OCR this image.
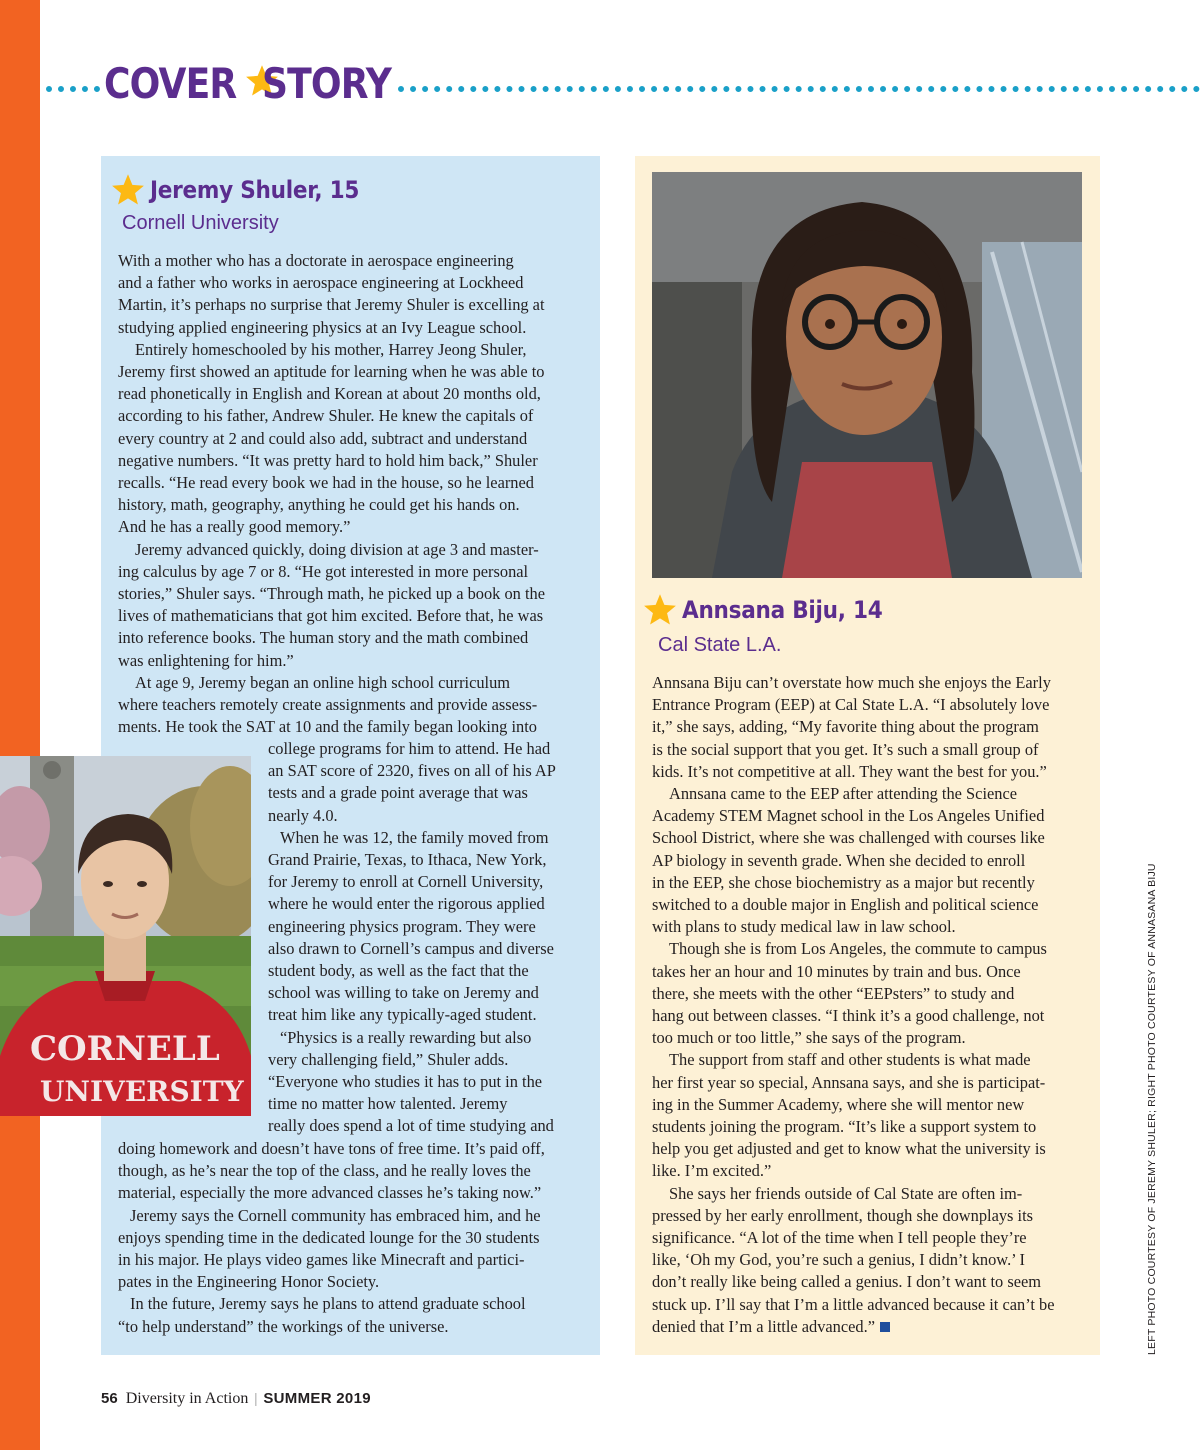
COVER STORY
Jeremy Shuler, 15
Cornell University
With a mother who has a doctorate in aerospace engineering
and a father who works in aerospace engineering at Lockheed
Martin, it’s perhaps no surprise that Jeremy Shuler is excelling at
studying applied engineering physics at an Ivy League school.
Entirely homeschooled by his mother, Harrey Jeong Shuler,
Jeremy first showed an aptitude for learning when he was able to
read phonetically in English and Korean at about 20 months old,
according to his father, Andrew Shuler. He knew the capitals of
every country at 2 and could also add, subtract and understand
negative numbers. “It was pretty hard to hold him back,” Shuler
recalls. “He read every book we had in the house, so he learned
history, math, geography, anything he could get his hands on.
And he has a really good memory.”
Jeremy advanced quickly, doing division at age 3 and master-
ing calculus by age 7 or 8. “He got interested in more personal
stories,” Shuler says. “Through math, he picked up a book on the
lives of mathematicians that got him excited. Before that, he was
into reference books. The human story and the math combined
was enlightening for him.”
At age 9, Jeremy began an online high school curriculum
where teachers remotely create assignments and provide assess-
ments. He took the SAT at 10 and the family began looking into
college programs for him to attend. He had
an SAT score of 2320, fives on all of his AP
tests and a grade point average that was
nearly 4.0.
When he was 12, the family moved from
Grand Prairie, Texas, to Ithaca, New York,
for Jeremy to enroll at Cornell University,
where he would enter the rigorous applied
engineering physics program. They were
also drawn to Cornell’s campus and diverse
student body, as well as the fact that the
school was willing to take on Jeremy and
treat him like any typically-aged student.
“Physics is a really rewarding but also
very challenging field,” Shuler adds.
“Everyone who studies it has to put in the
time no matter how talented. Jeremy
really does spend a lot of time studying and
doing homework and doesn’t have tons of free time. It’s paid off,
though, as he’s near the top of the class, and he really loves the
material, especially the more advanced classes he’s taking now.”
Jeremy says the Cornell community has embraced him, and he
enjoys spending time in the dedicated lounge for the 30 students
in his major. He plays video games like Minecraft and partici-
pates in the Engineering Honor Society.
In the future, Jeremy says he plans to attend graduate school
“to help understand” the workings of the universe.
CORNELL
UNIVERSITY
Annsana Biju, 14
Cal State L.A.
Annsana Biju can’t overstate how much she enjoys the Early
Entrance Program (EEP) at Cal State L.A. “I absolutely love
it,” she says, adding, “My favorite thing about the program
is the social support that you get. It’s such a small group of
kids. It’s not competitive at all. They want the best for you.”
Annsana came to the EEP after attending the Science
Academy STEM Magnet school in the Los Angeles Unified
School District, where she was challenged with courses like
AP biology in seventh grade. When she decided to enroll
in the EEP, she chose biochemistry as a major but recently
switched to a double major in English and political science
with plans to study medical law in law school.
Though she is from Los Angeles, the commute to campus
takes her an hour and 10 minutes by train and bus. Once
there, she meets with the other “EEPsters” to study and
hang out between classes. “I think it’s a good challenge, not
too much or too little,” she says of the program.
The support from staff and other students is what made
her first year so special, Annsana says, and she is participat-
ing in the Summer Academy, where she will mentor new
students joining the program. “It’s like a support system to
help you get adjusted and get to know what the university is
like. I’m excited.”
She says her friends outside of Cal State are often im-
pressed by her early enrollment, though she downplays its
significance. “A lot of the time when I tell people they’re
like, ‘Oh my God, you’re such a genius, I didn’t know.’ I
don’t really like being called a genius. I don’t want to seem
stuck up. I’ll say that I’m a little advanced because it can’t be
denied that I’m a little advanced.”	LEFT PHOTO COURTESY OF JEREMY SHULER; RIGHT PHOTO COURTESY OF ANNASANA BIJU
56 Diversity in Action | SUMMER 2019
